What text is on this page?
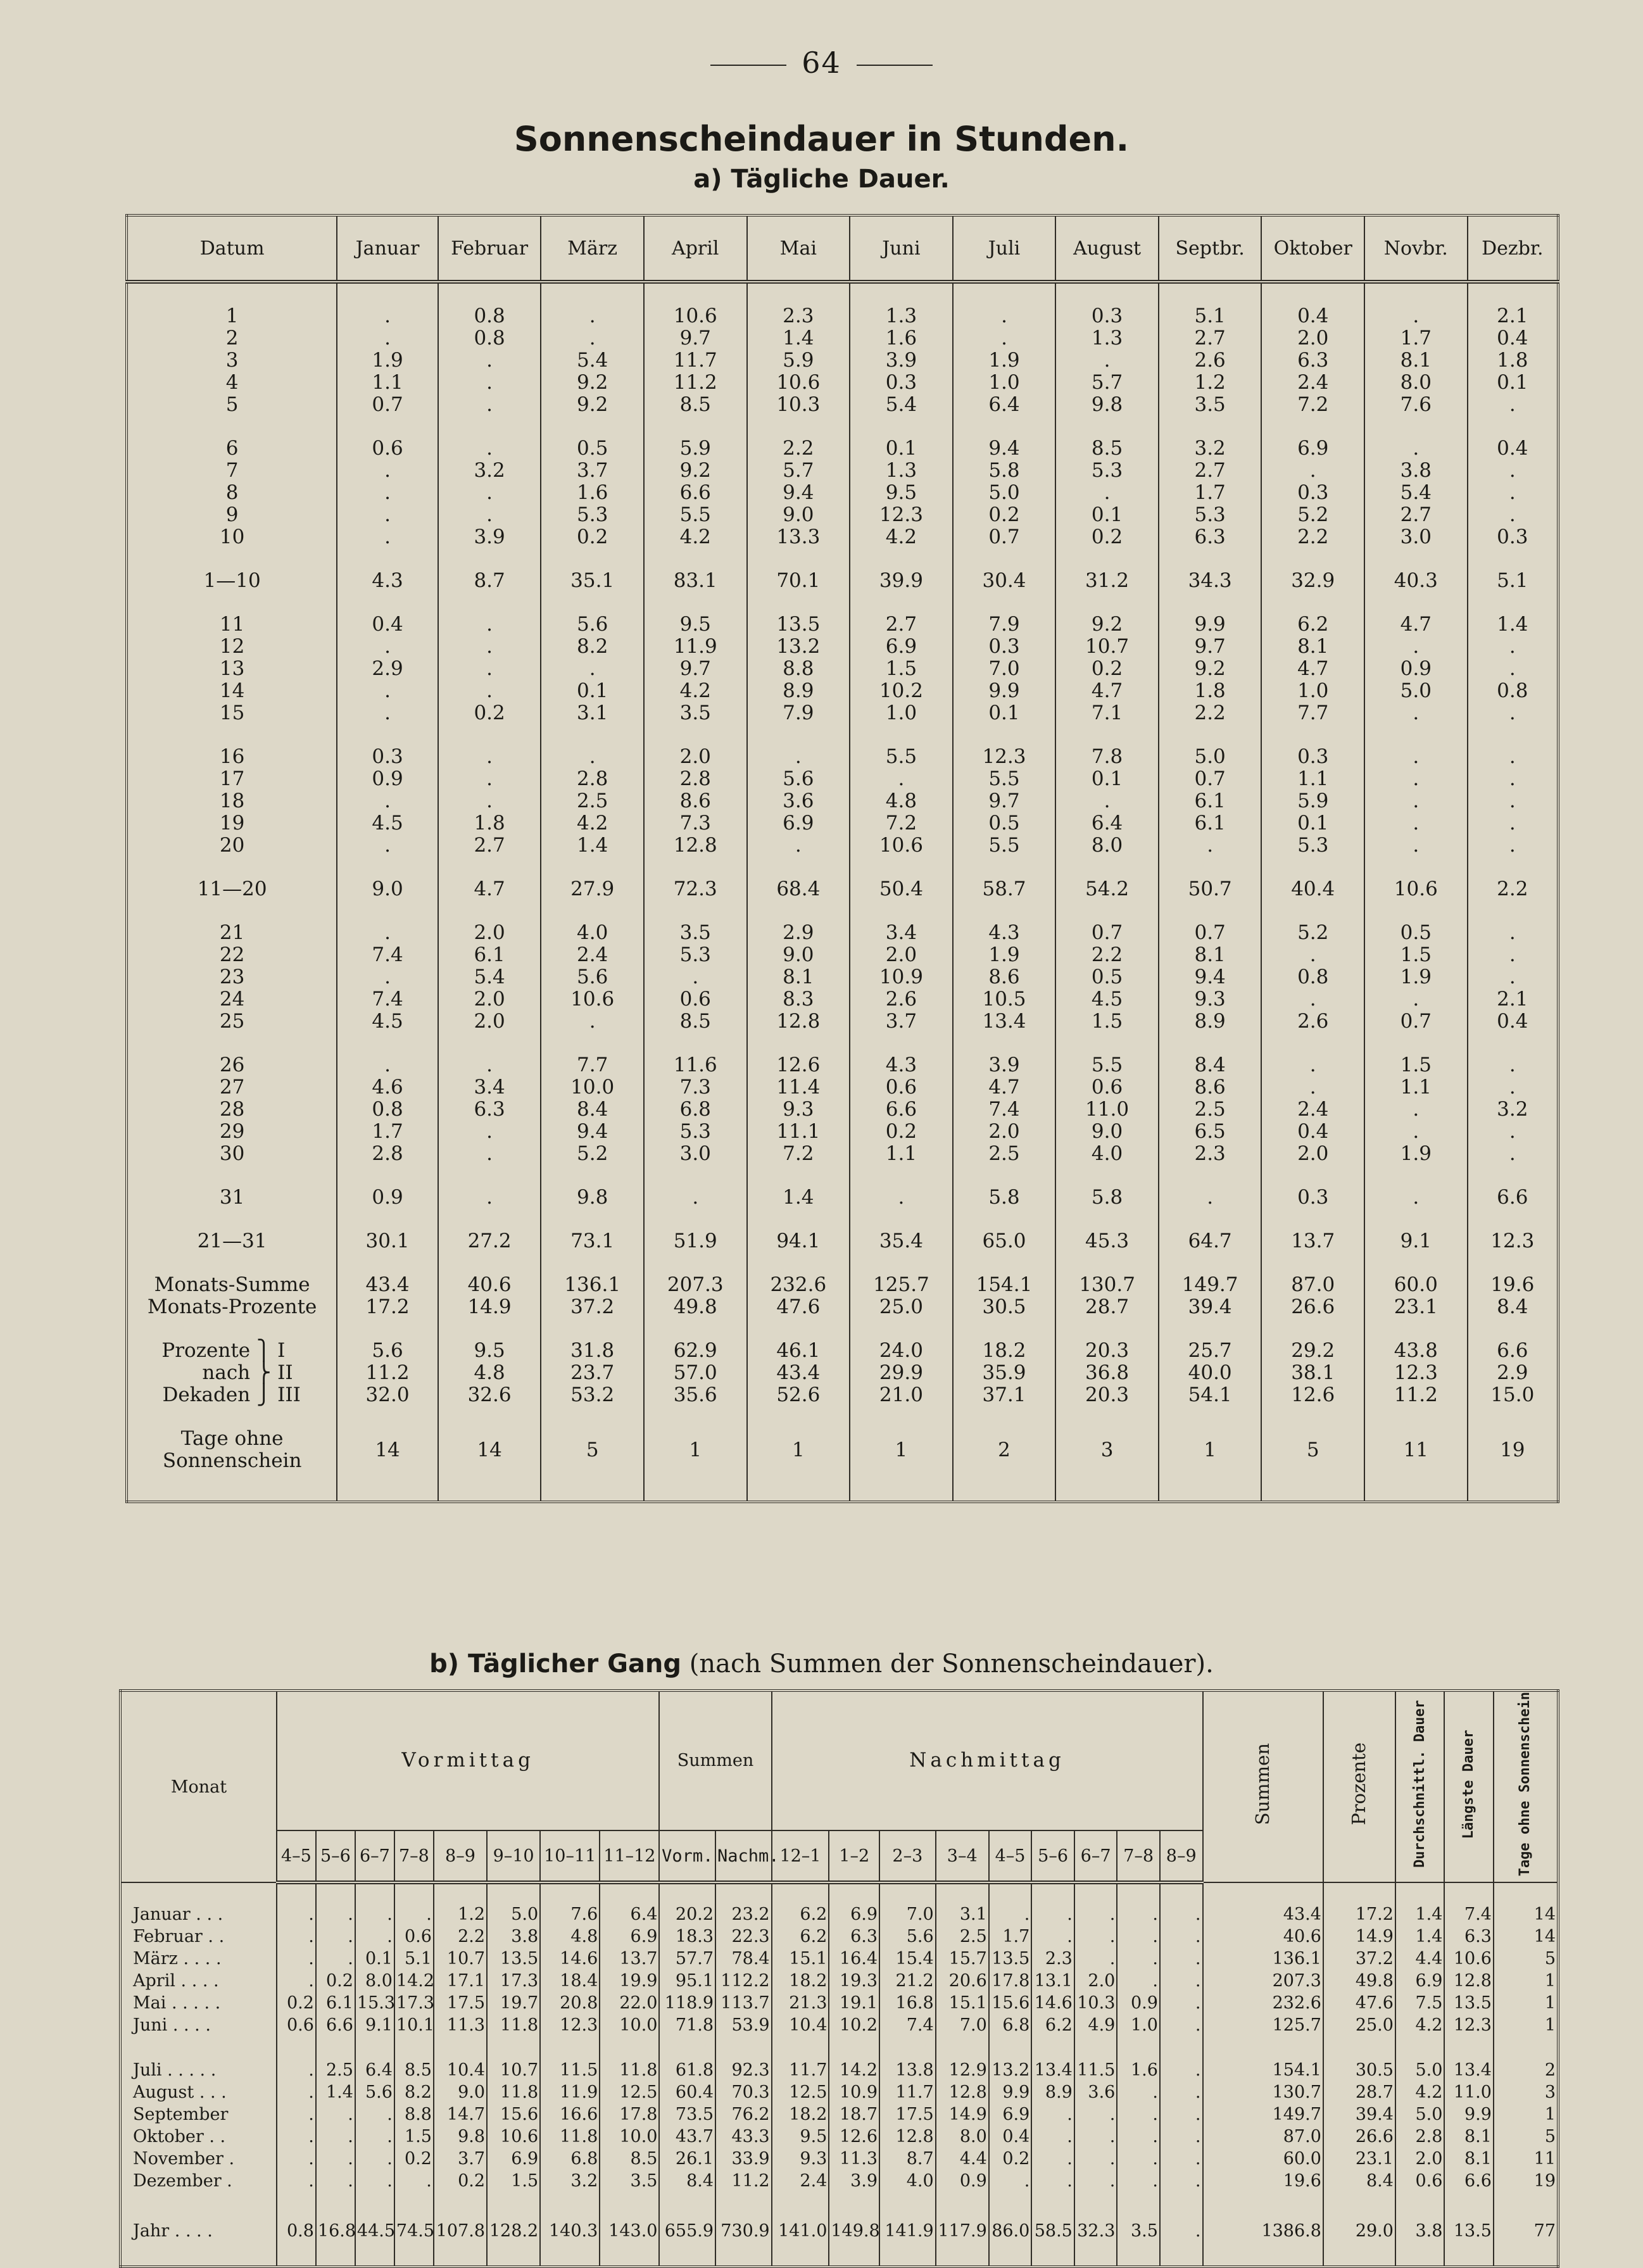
64
Sonnenscheindauer in Stunden.
a) Tägliche Dauer.
Datum	Januar	Februar	März	April	Mai	Juni	Juli	August	Septbr.	Oktober	Novbr.	Dezbr.

1	.	0.8	.	10.6	2.3	1.3	.	0.3	5.1	0.4	.	2.1
2	.	0.8	.	9.7	1.4	1.6	.	1.3	2.7	2.0	1.7	0.4
3	1.9	.	5.4	11.7	5.9	3.9	1.9	.	2.6	6.3	8.1	1.8
4	1.1	.	9.2	11.2	10.6	0.3	1.0	5.7	1.2	2.4	8.0	0.1
5	0.7	.	9.2	8.5	10.3	5.4	6.4	9.8	3.5	7.2	7.6	.

6	0.6	.	0.5	5.9	2.2	0.1	9.4	8.5	3.2	6.9	.	0.4
7	.	3.2	3.7	9.2	5.7	1.3	5.8	5.3	2.7	.	3.8	.
8	.	.	1.6	6.6	9.4	9.5	5.0	.	1.7	0.3	5.4	.
9	.	.	5.3	5.5	9.0	12.3	0.2	0.1	5.3	5.2	2.7	.
10	.	3.9	0.2	4.2	13.3	4.2	0.7	0.2	6.3	2.2	3.0	0.3

1—10	4.3	8.7	35.1	83.1	70.1	39.9	30.4	31.2	34.3	32.9	40.3	5.1

11	0.4	.	5.6	9.5	13.5	2.7	7.9	9.2	9.9	6.2	4.7	1.4
12	.	.	8.2	11.9	13.2	6.9	0.3	10.7	9.7	8.1	.	.
13	2.9	.	.	9.7	8.8	1.5	7.0	0.2	9.2	4.7	0.9	.
14	.	.	0.1	4.2	8.9	10.2	9.9	4.7	1.8	1.0	5.0	0.8
15	.	0.2	3.1	3.5	7.9	1.0	0.1	7.1	2.2	7.7	.	.

16	0.3	.	.	2.0	.	5.5	12.3	7.8	5.0	0.3	.	.
17	0.9	.	2.8	2.8	5.6	.	5.5	0.1	0.7	1.1	.	.
18	.	.	2.5	8.6	3.6	4.8	9.7	.	6.1	5.9	.	.
19	4.5	1.8	4.2	7.3	6.9	7.2	0.5	6.4	6.1	0.1	.	.
20	.	2.7	1.4	12.8	.	10.6	5.5	8.0	.	5.3	.	.

11—20	9.0	4.7	27.9	72.3	68.4	50.4	58.7	54.2	50.7	40.4	10.6	2.2

21	.	2.0	4.0	3.5	2.9	3.4	4.3	0.7	0.7	5.2	0.5	.
22	7.4	6.1	2.4	5.3	9.0	2.0	1.9	2.2	8.1	.	1.5	.
23	.	5.4	5.6	.	8.1	10.9	8.6	0.5	9.4	0.8	1.9	.
24	7.4	2.0	10.6	0.6	8.3	2.6	10.5	4.5	9.3	.	.	2.1
25	4.5	2.0	.	8.5	12.8	3.7	13.4	1.5	8.9	2.6	0.7	0.4

26	.	.	7.7	11.6	12.6	4.3	3.9	5.5	8.4	.	1.5	.
27	4.6	3.4	10.0	7.3	11.4	0.6	4.7	0.6	8.6	.	1.1	.
28	0.8	6.3	8.4	6.8	9.3	6.6	7.4	11.0	2.5	2.4	.	3.2
29	1.7	.	9.4	5.3	11.1	0.2	2.0	9.0	6.5	0.4	.	.
30	2.8	.	5.2	3.0	7.2	1.1	2.5	4.0	2.3	2.0	1.9	.

31	0.9	.	9.8	.	1.4	.	5.8	5.8	.	0.3	.	6.6

21—31	30.1	27.2	73.1	51.9	94.1	35.4	65.0	45.3	64.7	13.7	9.1	12.3

Monats-Summe	43.4	40.6	136.1	207.3	232.6	125.7	154.1	130.7	149.7	87.0	60.0	19.6
Monats-Prozente	17.2	14.9	37.2	49.8	47.6	25.0	30.5	28.7	39.4	26.6	23.1	8.4

Prozente ⎫ I	5.6	9.5	31.8	62.9	46.1	24.0	18.2	20.3	25.7	29.2	43.8	6.6
nach ⎬ II	11.2	4.8	23.7	57.0	43.4	29.9	35.9	36.8	40.0	38.1	12.3	2.9
Dekaden ⎭ III	32.0	32.6	53.2	35.6	52.6	21.0	37.1	20.3	54.1	12.6	11.2	15.0

Tage ohne
Sonnenschein	14	14	5	1	1	1	2	3	1	5	11	19

b) Täglicher Gang (nach Summen der Sonnenscheindauer).
Monat	Vormittag								Summen		Nachmittag									Summen	Prozente	Durchschnittl. Dauer	Längste Dauer	Tage ohne Sonnenschein
	4–5	5–6	6–7	7–8	8–9	9–10	10–11	11–12	Vorm.	Nachm.	12–1	1–2	2–3	3–4	4–5	5–6	6–7	7–8	8–9					

Januar . . .	.	.	.	.	1.2	5.0	7.6	6.4	20.2	23.2	6.2	6.9	7.0	3.1	.	.	.	.	.	43.4	17.2	1.4	7.4	14
Februar . .	.	.	.	0.6	2.2	3.8	4.8	6.9	18.3	22.3	6.2	6.3	5.6	2.5	1.7	.	.	.	.	40.6	14.9	1.4	6.3	14
März . . . .	.	.	0.1	5.1	10.7	13.5	14.6	13.7	57.7	78.4	15.1	16.4	15.4	15.7	13.5	2.3	.	.	.	136.1	37.2	4.4	10.6	5
April . . . .	.	0.2	8.0	14.2	17.1	17.3	18.4	19.9	95.1	112.2	18.2	19.3	21.2	20.6	17.8	13.1	2.0	.	.	207.3	49.8	6.9	12.8	1
Mai . . . . .	0.2	6.1	15.3	17.3	17.5	19.7	20.8	22.0	118.9	113.7	21.3	19.1	16.8	15.1	15.6	14.6	10.3	0.9	.	232.6	47.6	7.5	13.5	1
Juni . . . .	0.6	6.6	9.1	10.1	11.3	11.8	12.3	10.0	71.8	53.9	10.4	10.2	7.4	7.0	6.8	6.2	4.9	1.0	.	125.7	25.0	4.2	12.3	1

Juli . . . . .	.	2.5	6.4	8.5	10.4	10.7	11.5	11.8	61.8	92.3	11.7	14.2	13.8	12.9	13.2	13.4	11.5	1.6	.	154.1	30.5	5.0	13.4	2
August . . .	.	1.4	5.6	8.2	9.0	11.8	11.9	12.5	60.4	70.3	12.5	10.9	11.7	12.8	9.9	8.9	3.6	.	.	130.7	28.7	4.2	11.0	3
September	.	.	.	8.8	14.7	15.6	16.6	17.8	73.5	76.2	18.2	18.7	17.5	14.9	6.9	.	.	.	.	149.7	39.4	5.0	9.9	1
Oktober . .	.	.	.	1.5	9.8	10.6	11.8	10.0	43.7	43.3	9.5	12.6	12.8	8.0	0.4	.	.	.	.	87.0	26.6	2.8	8.1	5
November .	.	.	.	0.2	3.7	6.9	6.8	8.5	26.1	33.9	9.3	11.3	8.7	4.4	0.2	.	.	.	.	60.0	23.1	2.0	8.1	11
Dezember .	.	.	.	.	0.2	1.5	3.2	3.5	8.4	11.2	2.4	3.9	4.0	0.9	.	.	.	.	.	19.6	8.4	0.6	6.6	19

Jahr . . . .	0.8	16.8	44.5	74.5	107.8	128.2	140.3	143.0	655.9	730.9	141.0	149.8	141.9	117.9	86.0	58.5	32.3	3.5	.	1386.8	29.0	3.8	13.5	77
